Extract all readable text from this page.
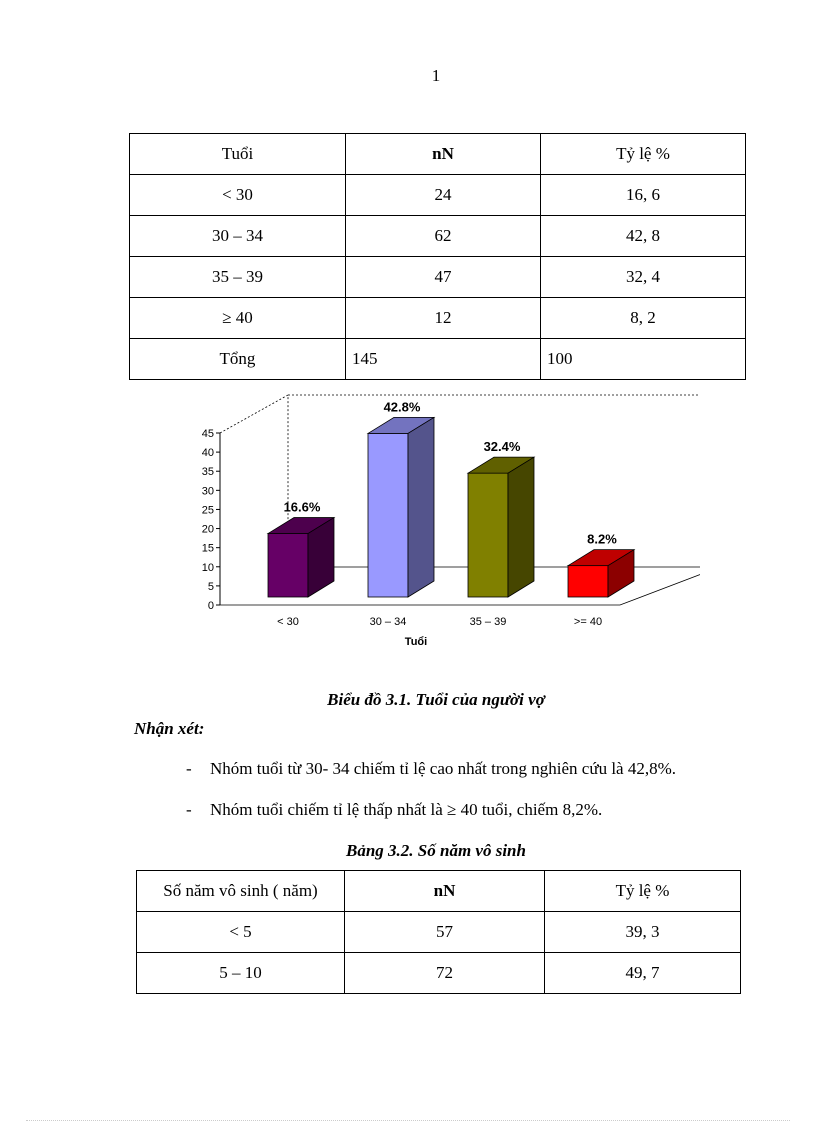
1
Tuổi	nN	Tỷ lệ %
< 30	24	16, 6
30 – 34	62	42, 8
35 – 39	47	32, 4
≥ 40	12	8, 2
Tổng	145	100
0
5
10
15
20
25
30
35
40
45
16.6%
42.8%
32.4%
8.2%
< 30	30 – 34	35 – 39	>= 40
Tuổi
Biểu đồ 3.1. Tuổi của người vợ
Nhận xét:
- Nhóm tuổi từ 30- 34 chiếm tỉ lệ cao nhất trong nghiên cứu là 42,8%.
- Nhóm tuổi chiếm tỉ lệ thấp nhất là ≥ 40 tuổi, chiếm 8,2%.
Bảng 3.2. Số năm vô sinh
Số năm vô sinh ( năm)	nN	Tỷ lệ %
< 5	57	39, 3
5 – 10	72	49, 7
